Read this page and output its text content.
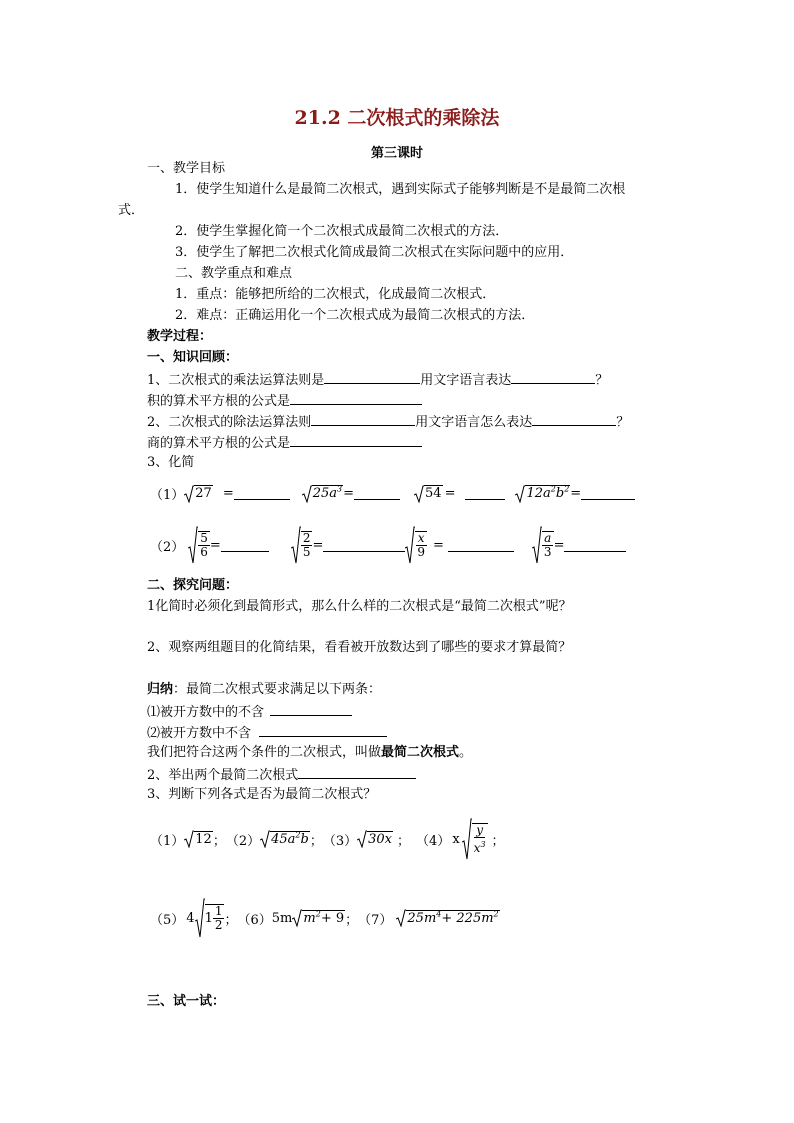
21.2 二次根式的乘除法
第三课时
一、教学目标
1．使学生知道什么是最简二次根式，遇到实际式子能够判断是不是最简二次根
式．
2．使学生掌握化简一个二次根式成最简二次根式的方法．
3．使学生了解把二次根式化简成最简二次根式在实际问题中的应用．
二、教学重点和难点
1．重点：能够把所给的二次根式，化成最简二次根式．
2．难点：正确运用化一个二次根式成为最简二次根式的方法．
教学过程：
一、知识回顾：
1、二次根式的乘法运算法则是	用文字语言表达	？
积的算术平方根的公式是
2、二次根式的除法运算法则	用文字语言怎么表达	？
商的算术平方根的公式是
3、化简
（1） 27 =	$25a^3$ =	54 =	$12a^2b^2$ =
$(2) \frac{5}{6}$ =	$\frac{2}{5}$ =	$\frac{x}{9}$ =	$\frac{a}{3}$ =
二、探究问题：
1化简时必须化到最简形式，那么什么样的二次根式是“最简二次根式”呢？
2、观察两组题目的化简结果，看看被开放数达到了哪些的要求才算最简？
归纳：最简二次根式要求满足以下两条：
⑴被开方数中的不含
⑵被开方数中不含
我们把符合这两个条件的二次根式，叫做最简二次根式。
2、举出两个最简二次根式
3、判断下列各式是否为最简二次根式？
（1） 12 ； （2） $45a^2b$ ； （3） 30x ； （4） x $\frac{y}{x^3}$ ；
（5） 4 $1 \frac{1}{2}$ ； （6） 5m $m^2+ 9$ ； （7）	$25m^4+ 225m^2$
三、试一试：
